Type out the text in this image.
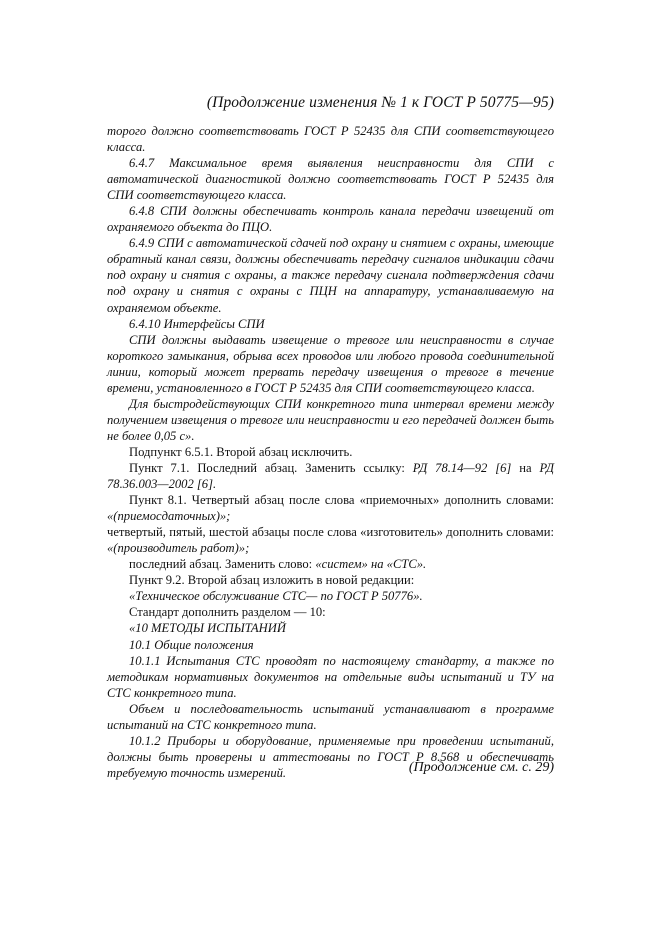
(Продолжение изменения № 1 к ГОСТ Р 50775—95)

торого должно соответствовать ГОСТ Р 52435 для СПИ соответствующего класса.

6.4.7 Максимальное время выявления неисправности для СПИ с автоматической диагностикой должно соответствовать ГОСТ Р 52435 для СПИ соответствующего класса.

6.4.8 СПИ должны обеспечивать контроль канала передачи извещений от охраняемого объекта до ПЦО.

6.4.9 СПИ с автоматической сдачей под охрану и снятием с охраны, имеющие обратный канал связи, должны обеспечивать передачу сигналов индикации сдачи под охрану и снятия с охраны, а также передачу сигнала подтверждения сдачи под охрану и снятия с охраны с ПЦН на аппаратуру, устанавливаемую на охраняемом объекте.

6.4.10 Интерфейсы СПИ

СПИ должны выдавать извещение о тревоге или неисправности в случае короткого замыкания, обрыва всех проводов или любого провода соединительной линии, который может прервать передачу извещения о тревоге в течение времени, установленного в ГОСТ Р 52435 для СПИ соответствующего класса.

Для быстродействующих СПИ конкретного типа интервал времени между получением извещения о тревоге или неисправности и его передачей должен быть не более 0,05 с».

Подпункт 6.5.1. Второй абзац исключить.

Пункт 7.1. Последний абзац. Заменить ссылку: РД 78.14—92 [6] на РД 78.36.003—2002 [6].

Пункт 8.1. Четвертый абзац после слова «приемочных» дополнить словами: «(приемосдаточных)»;

четвертый, пятый, шестой абзацы после слова «изготовитель» дополнить словами: «(производитель работ)»;

последний абзац. Заменить слово: «систем» на «СТС».

Пункт 9.2. Второй абзац изложить в новой редакции:

«Техническое обслуживание СТС— по ГОСТ Р 50776».

Стандарт дополнить разделом — 10:

«10 МЕТОДЫ ИСПЫТАНИЙ

10.1 Общие положения

10.1.1 Испытания СТС проводят по настоящему стандарту, а также по методикам нормативных документов на отдельные виды испытаний и ТУ на СТС конкретного типа.

Объем и последовательность испытаний устанавливают в программе испытаний на СТС конкретного типа.

10.1.2 Приборы и оборудование, применяемые при проведении испытаний, должны быть проверены и аттестованы по ГОСТ Р 8.568 и обеспечивать требуемую точность измерений.	(Продолжение см. с. 29)
